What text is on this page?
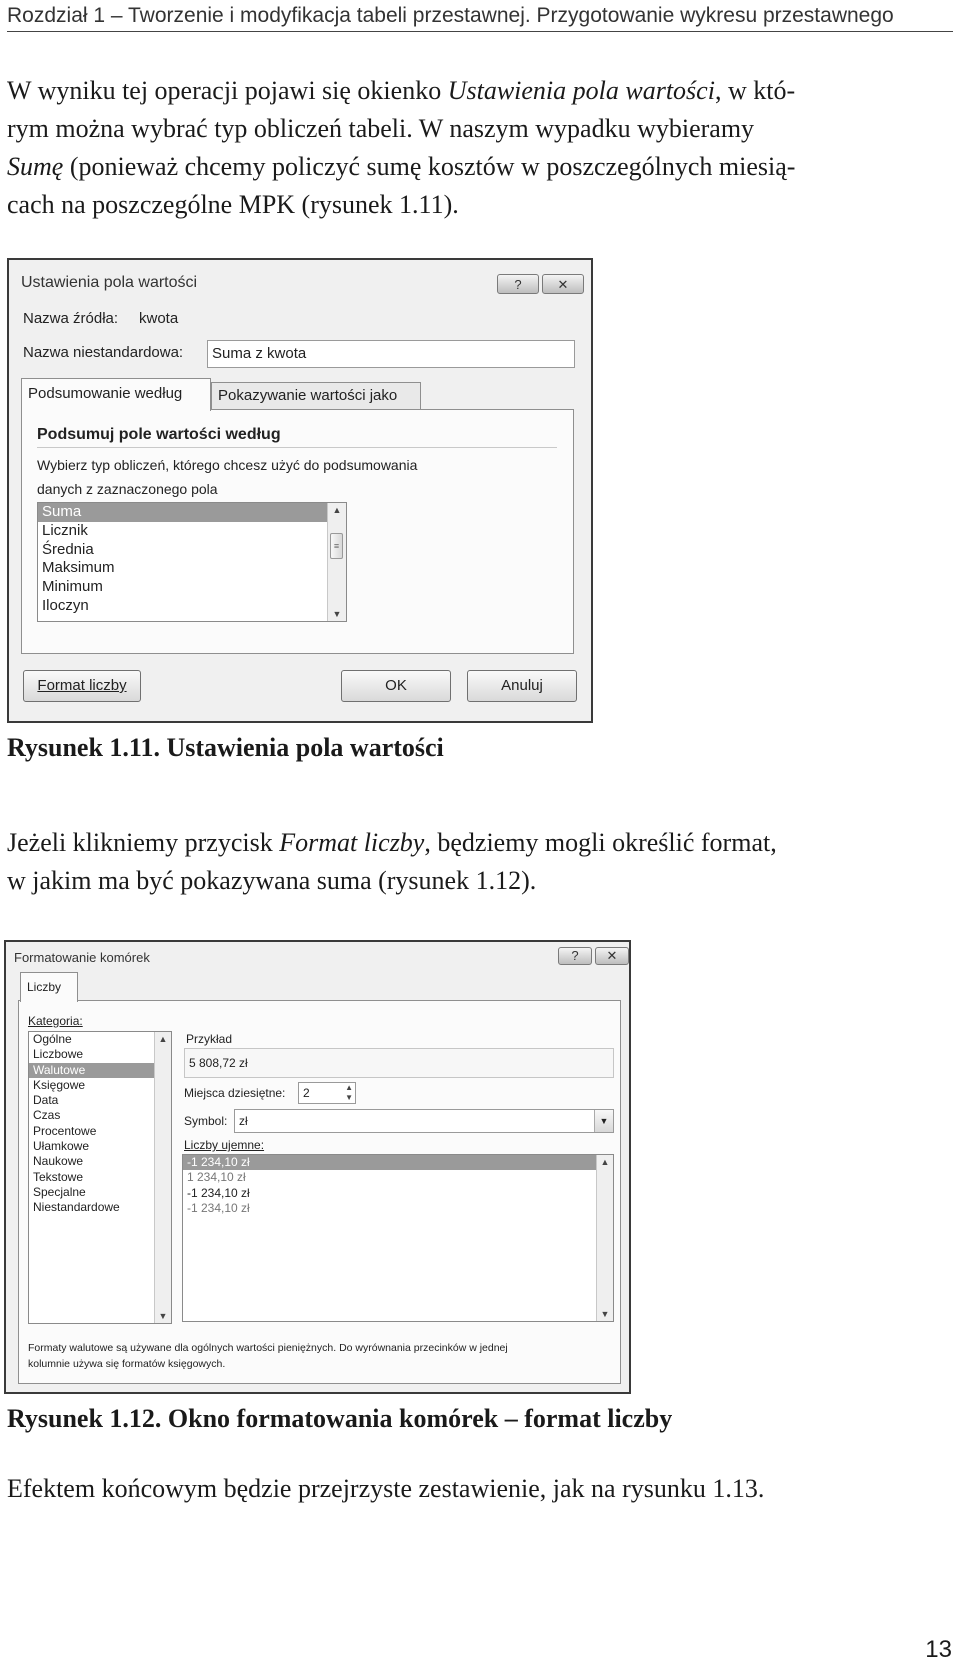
Rozdział 1 – Tworzenie i modyfikacja tabeli przestawnej. Przygotowanie wykresu przestawnego
W wyniku tej operacji pojawi się okienko Ustawienia pola wartości, w któ-
rym można wybrać typ obliczeń tabeli. W naszym wypadku wybieramy
Sumę (ponieważ chcemy policzyć sumę kosztów w poszczególnych miesią-
cach na poszczególne MPK (rysunek 1.11).
Ustawienia pola wartości	?	✕
Nazwa źródła: kwota
Nazwa niestandardowa:	Suma z kwota
Podsumowanie według	Pokazywanie wartości jako
Podsumuj pole wartości według
Wybierz typ obliczeń, którego chcesz użyć do podsumowania
danych z zaznaczonego pola
Suma
Licznik
Średnia
Maksimum
Minimum
Iloczyn
▲
≡
▼
Format liczby	OK	Anuluj
Rysunek 1.11. Ustawienia pola wartości
Jeżeli klikniemy przycisk Format liczby, będziemy mogli określić format,
w jakim ma być pokazywana suma (rysunek 1.12).
Formatowanie komórek	?	✕
Liczby
Kategoria:
Ogólne
Liczbowe
Walutowe
Księgowe
Data
Czas
Procentowe
Ułamkowe
Naukowe
Tekstowe
Specjalne
Niestandardowe
▲
▼
Przykład
5 808,72 zł
Miejsca dziesiętne:	2	▲
▼
Symbol: zł	▼
Liczby ujemne:
-1 234,10 zł
1 234,10 zł
-1 234,10 zł
-1 234,10 zł
▲
▼
Formaty walutowe są używane dla ogólnych wartości pieniężnych. Do wyrównania przecinków w jednej
kolumnie używa się formatów księgowych.
Rysunek 1.12. Okno formatowania komórek – format liczby
Efektem końcowym będzie przejrzyste zestawienie, jak na rysunku 1.13.
13
